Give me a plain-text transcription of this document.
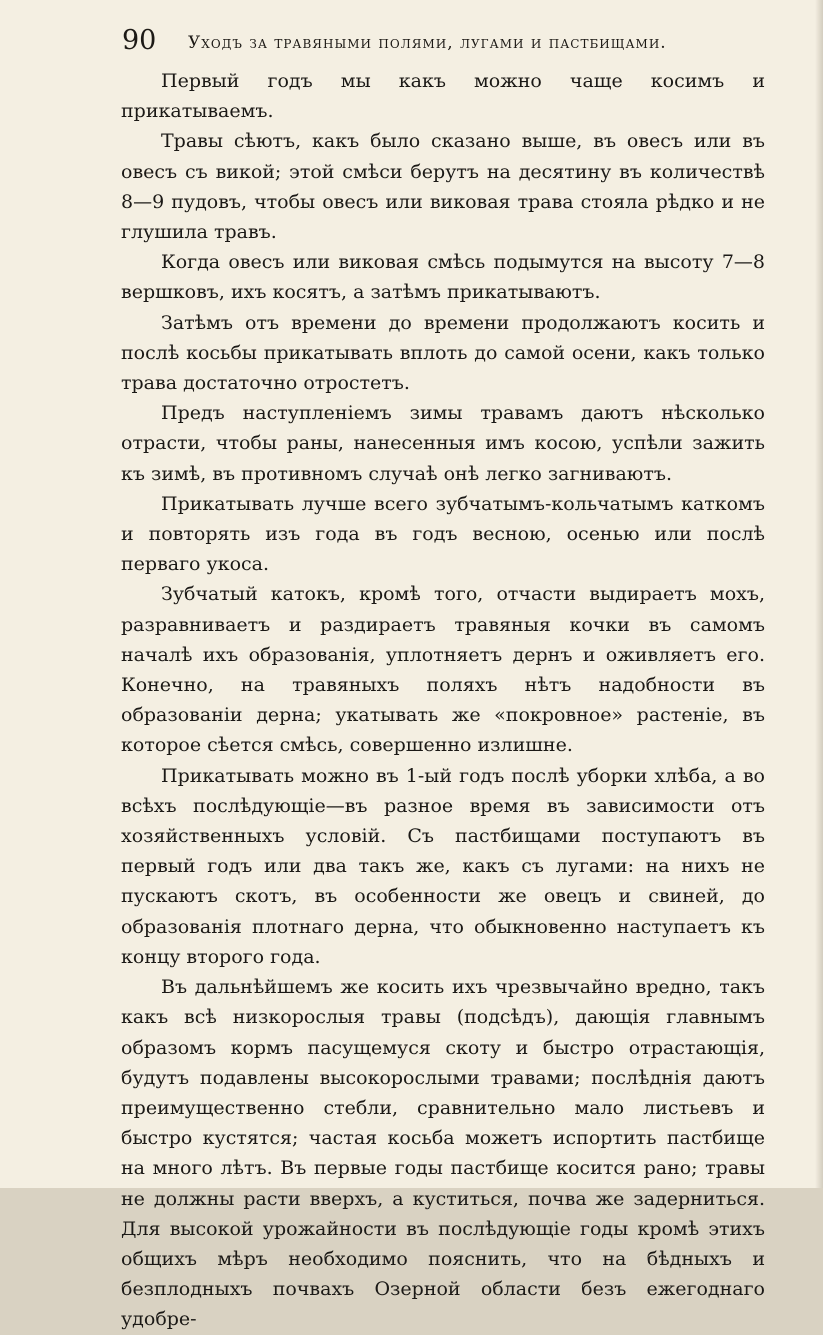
90 Уходъ за травяными полями, лугами и пастбищами.

Первый годъ мы какъ можно чаще косимъ и прикатываемъ.

Травы сѣютъ, какъ было сказано выше, въ овесъ или въ овесъ съ викой; этой смѣси берутъ на десятину въ количествѣ 8—9 пудовъ, чтобы овесъ или виковая трава стояла рѣдко и не глушила травъ.

Когда овесъ или виковая смѣсь подымутся на высоту 7—8 вершковъ, ихъ косятъ, а затѣмъ прикатываютъ.

Затѣмъ отъ времени до времени продолжаютъ косить и послѣ косьбы прикатывать вплоть до самой осени, какъ только трава достаточно отростетъ.

Предъ наступленіемъ зимы травамъ даютъ нѣсколько отрасти, чтобы раны, нанесенныя имъ косою, успѣли зажить къ зимѣ, въ противномъ случаѣ онѣ легко загниваютъ.

Прикатывать лучше всего зубчатымъ-кольчатымъ каткомъ и повторять изъ года въ годъ весною, осенью или послѣ перваго укоса.

Зубчатый катокъ, кромѣ того, отчасти выдираетъ мохъ, разравниваетъ и раздираетъ травяныя кочки въ самомъ началѣ ихъ образованія, уплотняетъ дернъ и оживляетъ его. Конечно, на травяныхъ поляхъ нѣтъ надобности въ образованіи дерна; укатывать же «покровное» растеніе, въ которое сѣется смѣсь, совершенно излишне.

Прикатывать можно въ 1-ый годъ послѣ уборки хлѣба, а во всѣхъ послѣдующіе—въ разное время въ зависимости отъ хозяйственныхъ условій. Съ пастбищами поступаютъ въ первый годъ или два такъ же, какъ съ лугами: на нихъ не пускаютъ скотъ, въ особенности же овецъ и свиней, до образованія плотнаго дерна, что обыкновенно наступаетъ къ концу второго года.

Въ дальнѣйшемъ же косить ихъ чрезвычайно вредно, такъ какъ всѣ низкорослыя травы (подсѣдъ), дающія главнымъ образомъ кормъ пасущемуся скоту и быстро отрастающія, будутъ подавлены высокорослыми травами; послѣднія даютъ преимущественно стебли, сравнительно мало листьевъ и быстро кустятся; частая косьба можетъ испортить пастбище на много лѣтъ. Въ первые годы пастбище косится рано; травы не должны расти вверхъ, а куститься, почва же задерниться. Для высокой урожайности въ послѣдующіе годы кромѣ этихъ общихъ мѣръ необходимо пояснить, что на бѣдныхъ и безплодныхъ почвахъ Озерной области безъ ежегоднаго удобре-
